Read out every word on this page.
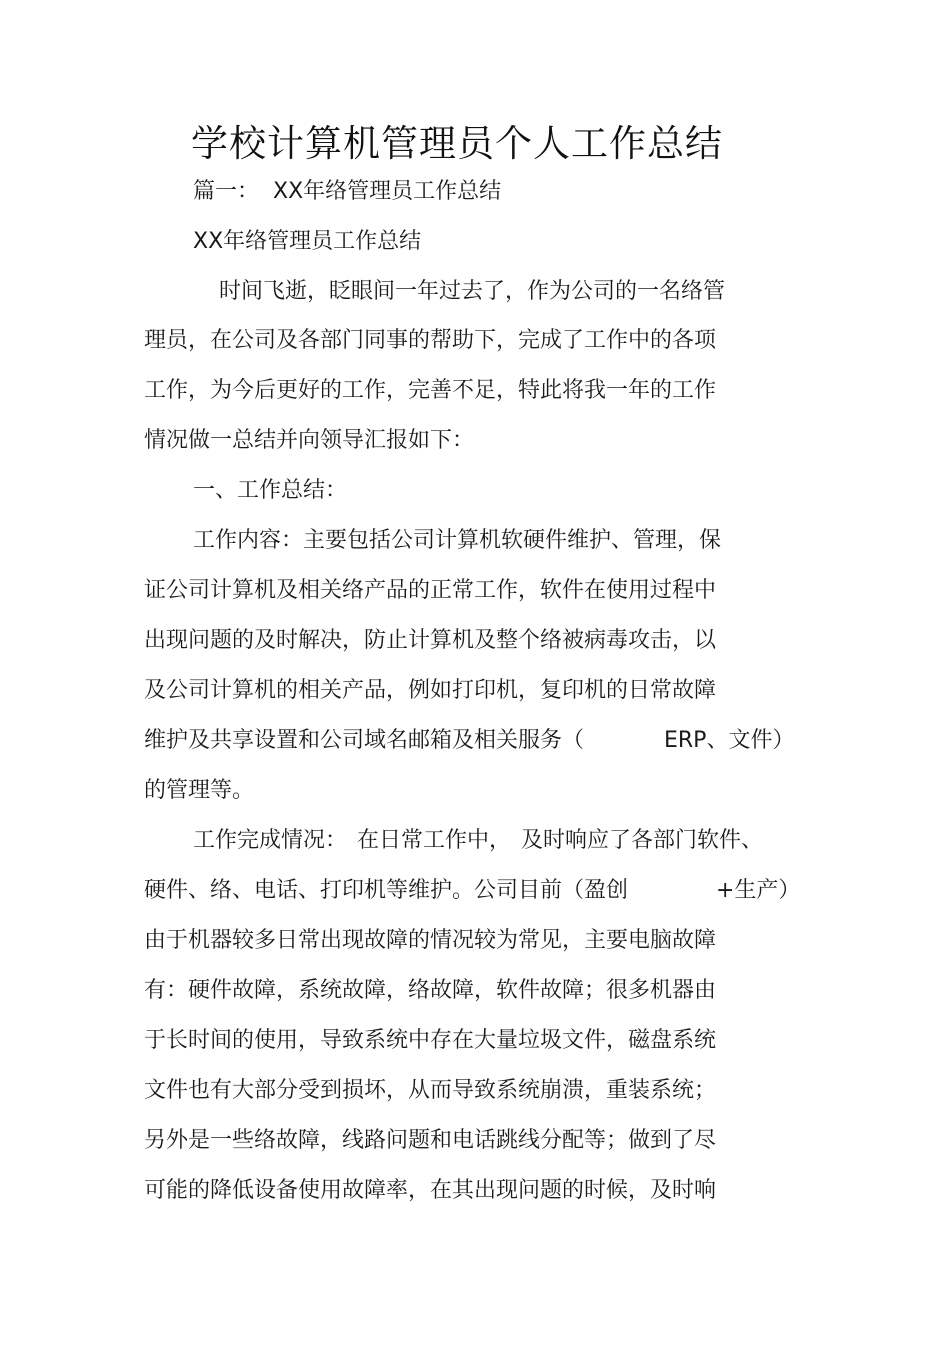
学校计算机管理员个人工作总结
篇一： XX年络管理员工作总结
XX年络管理员工作总结
时间飞逝，眨眼间一年过去了，作为公司的一名络管
理员，在公司及各部门同事的帮助下，完成了工作中的各项
工作，为今后更好的工作，完善不足，特此将我一年的工作
情况做一总结并向领导汇报如下：
一、工作总结：
工作内容：主要包括公司计算机软硬件维护、管理，保
证公司计算机及相关络产品的正常工作，软件在使用过程中
出现问题的及时解决，防止计算机及整个络被病毒攻击，以
及公司计算机的相关产品，例如打印机，复印机的日常故障
维护及共享设置和公司域名邮箱及相关服务（	ERP、文件）
的管理等。
工作完成情况： 在日常工作中， 及时响应了各部门软件、
硬件、络、电话、打印机等维护。公司目前（盈创	+生产）
由于机器较多日常出现故障的情况较为常见，主要电脑故障
有：硬件故障，系统故障，络故障，软件故障；很多机器由
于长时间的使用，导致系统中存在大量垃圾文件，磁盘系统
文件也有大部分受到损坏，从而导致系统崩溃，重装系统；
另外是一些络故障，线路问题和电话跳线分配等；做到了尽
可能的降低设备使用故障率，在其出现问题的时候，及时响
